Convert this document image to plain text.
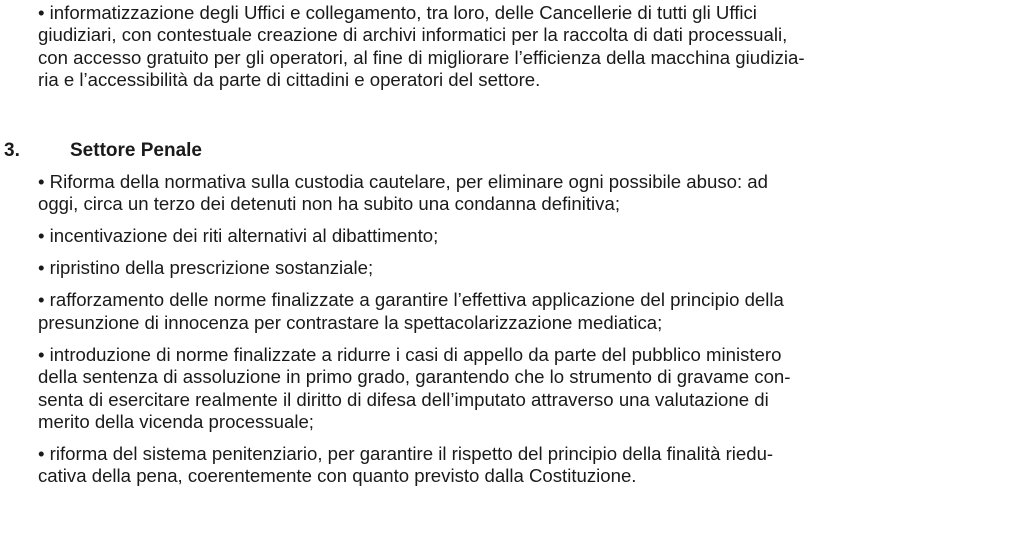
• informatizzazione degli Uffici e collegamento, tra loro, delle Cancellerie di tutti gli Uffici
giudiziari, con contestuale creazione di archivi informatici per la raccolta di dati processuali,
con accesso gratuito per gli operatori, al fine di migliorare l’efficienza della macchina giudizia-
ria e l’accessibilità da parte di cittadini e operatori del settore.

3.	Settore Penale

• Riforma della normativa sulla custodia cautelare, per eliminare ogni possibile abuso: ad
oggi, circa un terzo dei detenuti non ha subito una condanna definitiva;

• incentivazione dei riti alternativi al dibattimento;

• ripristino della prescrizione sostanziale;

• rafforzamento delle norme finalizzate a garantire l’effettiva applicazione del principio della
presunzione di innocenza per contrastare la spettacolarizzazione mediatica;

• introduzione di norme finalizzate a ridurre i casi di appello da parte del pubblico ministero
della sentenza di assoluzione in primo grado, garantendo che lo strumento di gravame con-
senta di esercitare realmente il diritto di difesa dell’imputato attraverso una valutazione di
merito della vicenda processuale;

• riforma del sistema penitenziario, per garantire il rispetto del principio della finalità riedu-
cativa della pena, coerentemente con quanto previsto dalla Costituzione.
